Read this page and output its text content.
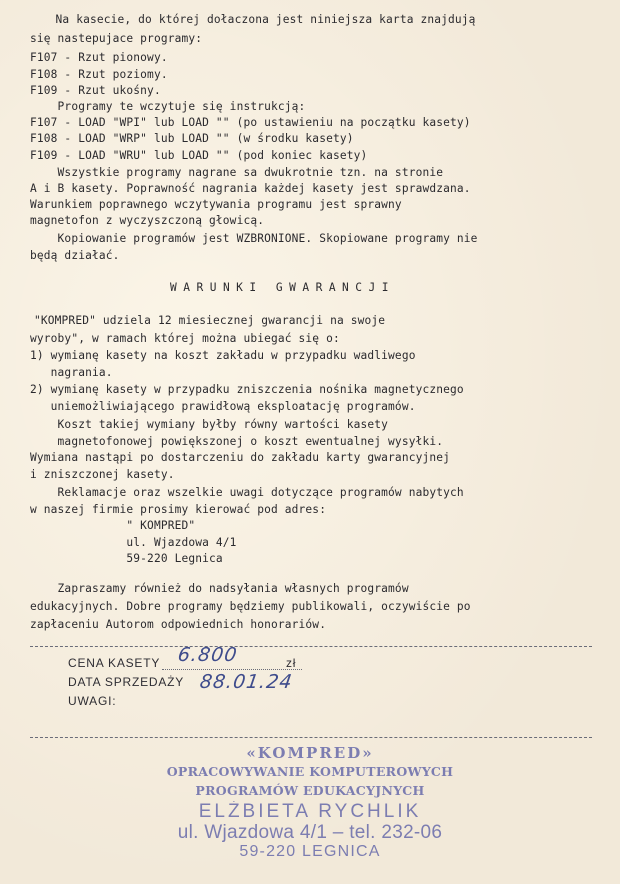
Na kasecie, do której dołaczona jest niniejsza karta znajdują
się nastepujace programy:
F107 - Rzut pionowy.
F108 - Rzut poziomy.
F109 - Rzut ukośny.
Programy te wczytuje się instrukcją:
F107 - LOAD "WPI" lub LOAD "" (po ustawieniu na początku kasety)
F108 - LOAD "WRP" lub LOAD "" (w środku kasety)
F109 - LOAD "WRU" lub LOAD "" (pod koniec kasety)
Wszystkie programy nagrane sa dwukrotnie tzn. na stronie
A i B kasety. Poprawność nagrania każdej kasety jest sprawdzana.
Warunkiem poprawnego wczytywania programu jest sprawny
magnetofon z wyczyszczoną głowicą.
Kopiowanie programów jest WZBRONIONE. Skopiowane programy nie
będą działać.
WARUNKI GWARANCJI
"KOMPRED" udziela 12 miesiecznej gwarancji na swoje
wyroby", w ramach której można ubiegać się o:
1) wymianę kasety na koszt zakładu w przypadku wadliwego
nagrania.
2) wymianę kasety w przypadku zniszczenia nośnika magnetycznego
uniemożliwiającego prawidłową eksploatację programów.
Koszt takiej wymiany byłby równy wartości kasety
magnetofonowej powiększonej o koszt ewentualnej wysyłki.
Wymiana nastąpi po dostarczeniu do zakładu karty gwarancyjnej
i zniszczonej kasety.
Reklamacje oraz wszelkie uwagi dotyczące programów nabytych
w naszej firmie prosimy kierować pod adres:
" KOMPRED"
ul. Wjazdowa 4/1
59-220 Legnica
Zapraszamy również do nadsyłania własnych programów
edukacyjnych. Dobre programy będziemy publikowali, oczywiście po
zapłaceniu Autorom odpowiednich honorariów.
CENA KASETY 6.800	zł
DATA SPRZEDAŻY 88.01.24
UWAGI:
«KOMPRED»
OPRACOWYWANIE KOMPUTEROWYCH
PROGRAMÓW EDUKACYJNYCH
ELŻBIETA RYCHLIK
ul. Wjazdowa 4/1 – tel. 232-06
59-220 LEGNICA
